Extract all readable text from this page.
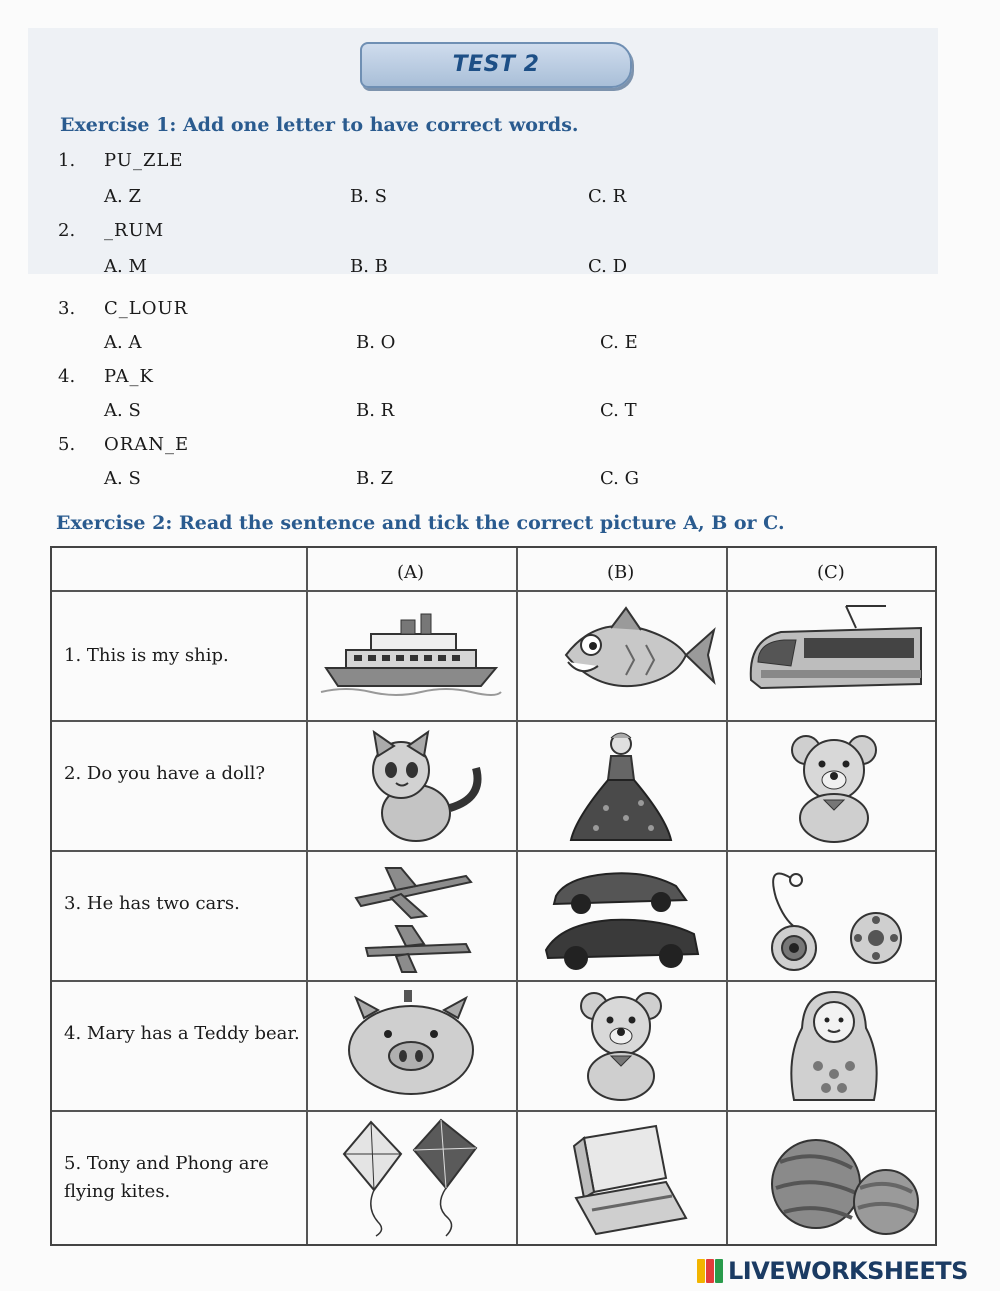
TEST 2
Exercise 1: Add one letter to have correct words.
1. PU_ZLE
A. Z	B. S	C. R
2. _RUM
A. M	B. B	C. D
3. C_LOUR
A. A	B. O	C. E
4. PA_K
A. S	B. R	C. T
5. ORAN_E
A. S	B. Z	C. G
Exercise 2: Read the sentence and tick the correct picture A, B or C.
(A)	(B)	(C)
1. This is my ship.
2. Do you have a doll?
3. He has two cars.
4. Mary has a Teddy bear.
5. Tony and Phong are flying kites.
LIVEWORKSHEETS
